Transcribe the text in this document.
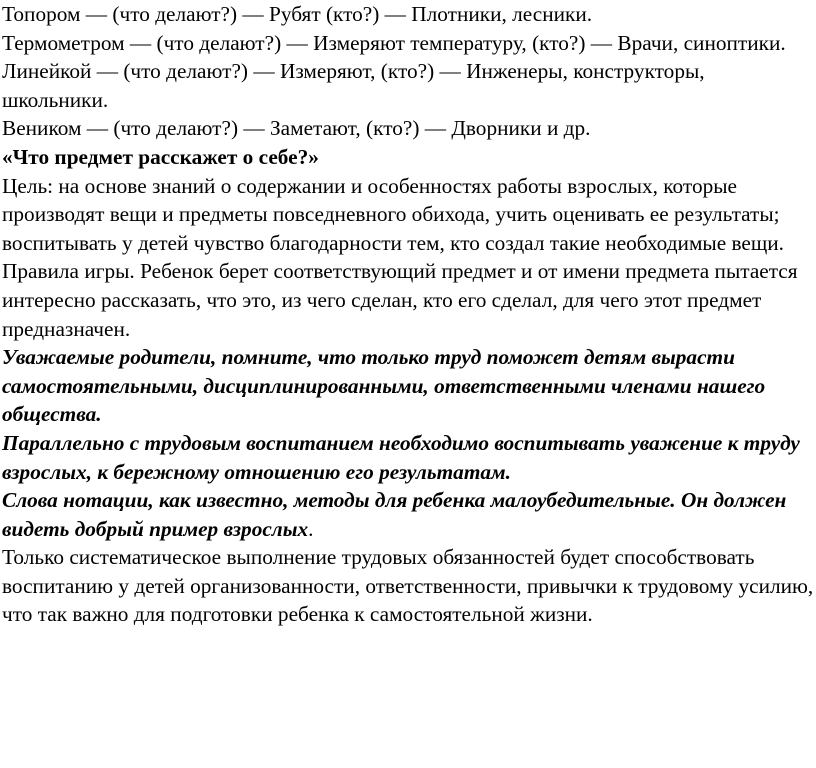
Топором — (что делают?) — Рубят (кто?) — Плотники, лесники.

Термометром — (что делают?) — Измеряют температуру, (кто?) — Врачи, синоптики.

Линейкой — (что делают?) — Измеряют, (кто?) — Инженеры, конструкторы, школьники.

Веником — (что делают?) — Заметают, (кто?) — Дворники и др.

«Что предмет расскажет о себе?»

Цель: на основе знаний о содержании и особенностях работы взрослых, которые производят вещи и предметы повседневного обихода, учить оценивать ее результаты; воспитывать у детей чувство благодарности тем, кто создал такие необходимые вещи.

Правила игры. Ребенок берет соответствующий предмет и от имени предмета пытается интересно рассказать, что это, из чего сделан, кто его сделал, для чего этот предмет предназначен.

Уважаемые родители, помните, что только труд поможет детям вырасти самостоятельными, дисциплинированными, ответственными членами нашего общества.

Параллельно с трудовым воспитанием необходимо воспитывать уважение к труду взрослых, к бережному отношению его результатам.

Слова нотации, как известно, методы для ребенка малоубедительные. Он должен видеть добрый пример взрослых.

Только систематическое выполнение трудовых обязанностей будет способствовать воспитанию у детей организованности, ответственности, привычки к трудовому усилию, что так важно для подготовки ребенка к самостоятельной жизни.
